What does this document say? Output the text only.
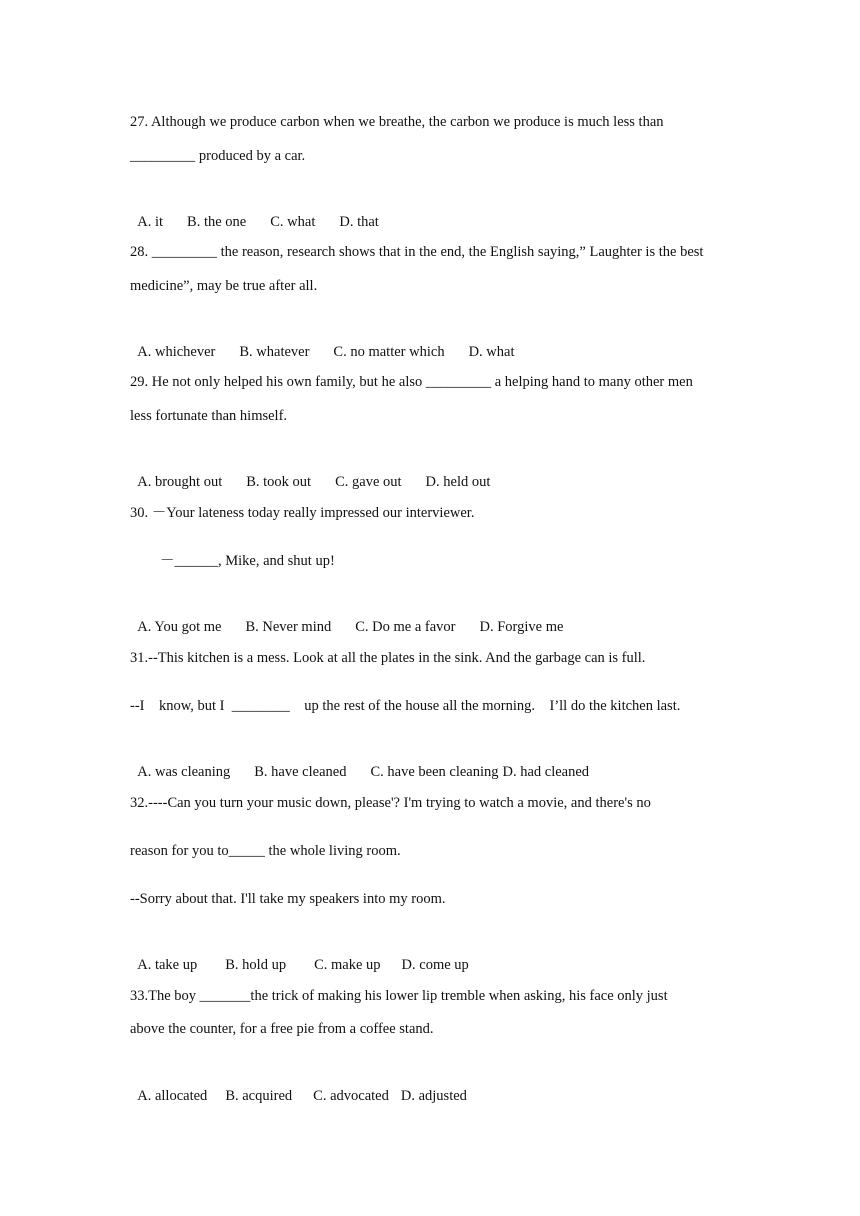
27. Although we produce carbon when we breathe, the carbon we produce is much less than
_________ produced by a car.

A. it B. the one C. what D. that

28. _________ the reason, research shows that in the end, the English saying,” Laughter is the best
medicine”, may be true after all.

A. whichever B. whatever C. no matter which D. what

29. He not only helped his own family, but he also _________ a helping hand to many other men
less fortunate than himself.

A. brought out B. took out C. gave out D. held out

30. －Your lateness today really impressed our interviewer.
－______, Mike, and shut up!

A. You got me B. Never mind C. Do me a favor D. Forgive me

31.--This kitchen is a mess. Look at all the plates in the sink. And the garbage can is full.
--I    know, but I  ________    up the rest of the house all the morning.    I’ll do the kitchen last.

A. was cleaning B. have cleaned C. have been cleaning D. had cleaned

32.----Can you turn your music down, please'? I'm trying to watch a movie, and there's no
reason for you to_____ the whole living room.
--Sorry about that. I'll take my speakers into my room.

A. take up B. hold up C. make up D. come up

33.The boy _______the trick of making his lower lip tremble when asking, his face only just
above the counter, for a free pie from a coffee stand.

A. allocated B. acquired C. advocated D. adjusted
